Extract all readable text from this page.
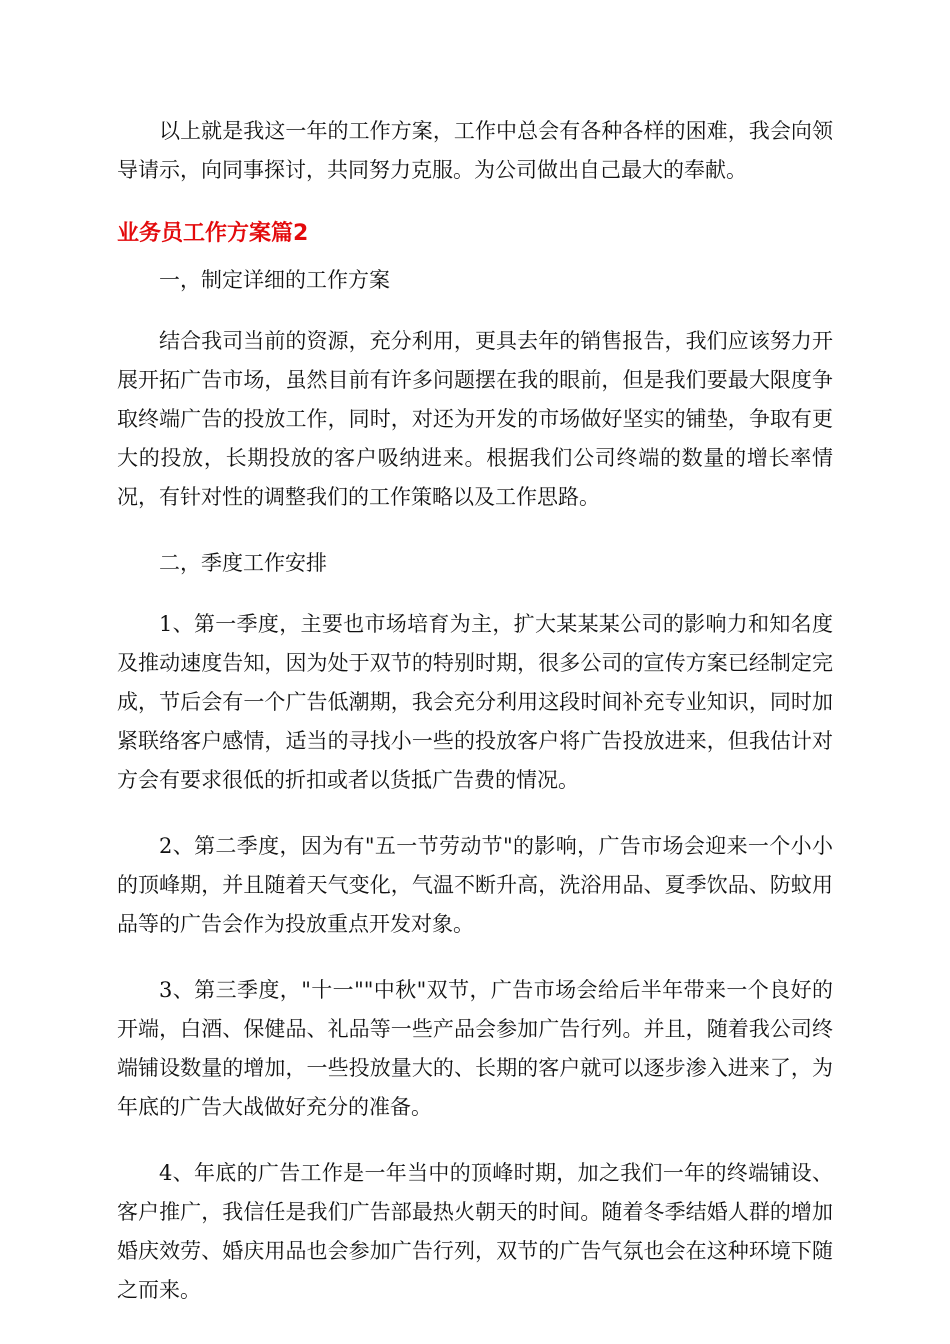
以上就是我这一年的工作方案，工作中总会有各种各样的困难，我会向领导请示，向同事探讨，共同努力克服。为公司做出自己最大的奉献。

业务员工作方案篇2

一，制定详细的工作方案

结合我司当前的资源，充分利用，更具去年的销售报告，我们应该努力开展开拓广告市场，虽然目前有许多问题摆在我的眼前，但是我们要最大限度争取终端广告的投放工作，同时，对还为开发的市场做好坚实的铺垫，争取有更大的投放，长期投放的客户吸纳进来。根据我们公司终端的数量的增长率情况，有针对性的调整我们的工作策略以及工作思路。

二，季度工作安排

1、第一季度，主要也市场培育为主，扩大某某某公司的影响力和知名度及推动速度告知，因为处于双节的特别时期，很多公司的宣传方案已经制定完成，节后会有一个广告低潮期，我会充分利用这段时间补充专业知识，同时加紧联络客户感情，适当的寻找小一些的投放客户将广告投放进来，但我估计对方会有要求很低的折扣或者以货抵广告费的情况。

2、第二季度，因为有"五一节劳动节"的影响，广告市场会迎来一个小小的顶峰期，并且随着天气变化，气温不断升高，洗浴用品、夏季饮品、防蚊用品等的广告会作为投放重点开发对象。

3、第三季度，"十一""中秋"双节，广告市场会给后半年带来一个良好的开端，白酒、保健品、礼品等一些产品会参加广告行列。并且，随着我公司终端铺设数量的增加，一些投放量大的、长期的客户就可以逐步渗入进来了，为年底的广告大战做好充分的准备。

4、年底的广告工作是一年当中的顶峰时期，加之我们一年的终端铺设、客户推广，我信任是我们广告部最热火朝天的时间。随着冬季结婚人群的增加婚庆效劳、婚庆用品也会参加广告行列，双节的广告气氛也会在这种环境下随之而来。
